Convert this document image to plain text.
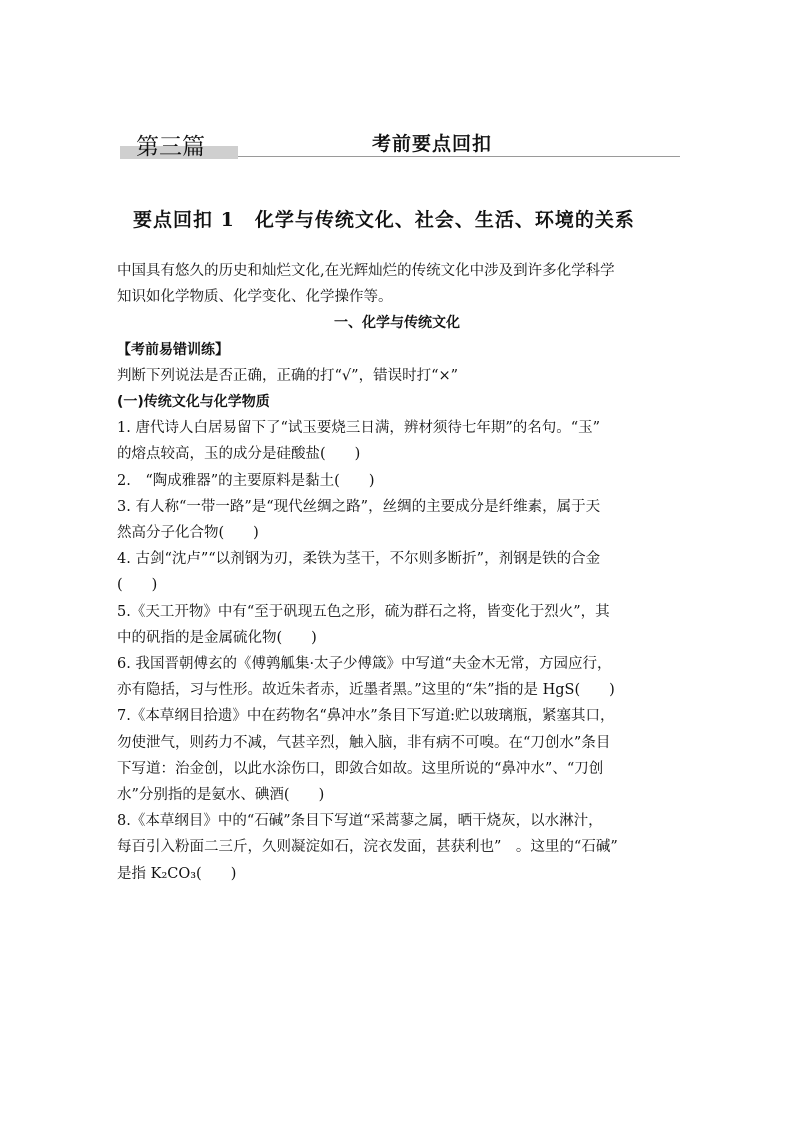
第三篇	考前要点回扣
要点回扣 1　化学与传统文化、社会、生活、环境的关系

中国具有悠久的历史和灿烂文化,在光辉灿烂的传统文化中涉及到许多化学科学

知识如化学物质、化学变化、化学操作等。

一、化学与传统文化

【考前易错训练】

判断下列说法是否正确，正确的打“√”，错误时打“×”

(一)传统文化与化学物质

1. 唐代诗人白居易留下了“试玉要烧三日满，辨材须待七年期”的名句。“玉”

的熔点较高，玉的成分是硅酸盐(　　)

2.　“陶成雅器”的主要原料是黏土(　　)

3. 有人称“一带一路”是“现代丝绸之路”，丝绸的主要成分是纤维素，属于天

然高分子化合物(　　)

4. 古剑“沈卢”“以剂钢为刃，柔铁为茎干，不尔则多断折”，剂钢是铁的合金

(　　)

5.《天工开物》中有“至于矾现五色之形，硫为群石之将，皆变化于烈火”，其

中的矾指的是金属硫化物(　　)

6. 我国晋朝傅玄的《傅鹑觚集·太子少傅箴》中写道“夫金木无常，方园应行，

亦有隐括，习与性形。故近朱者赤，近墨者黑。”这里的“朱”指的是 HgS(　　)

7.《本草纲目拾遗》中在药物名“鼻冲水”条目下写道:贮以玻璃瓶，紧塞其口，

勿使泄气，则药力不减，气甚辛烈，触入脑，非有病不可嗅。在“刀创水”条目

下写道：治金创，以此水涂伤口，即敛合如故。这里所说的“鼻冲水”、“刀创

水”分别指的是氨水、碘酒(　　)

8.《本草纲目》中的“石碱”条目下写道“采蒿蓼之属，晒干烧灰，以水淋汁，

每百引入粉面二三斤，久则凝淀如石，浣衣发面，甚获利也”　。这里的“石碱”

是指 K₂CO₃(　　)
